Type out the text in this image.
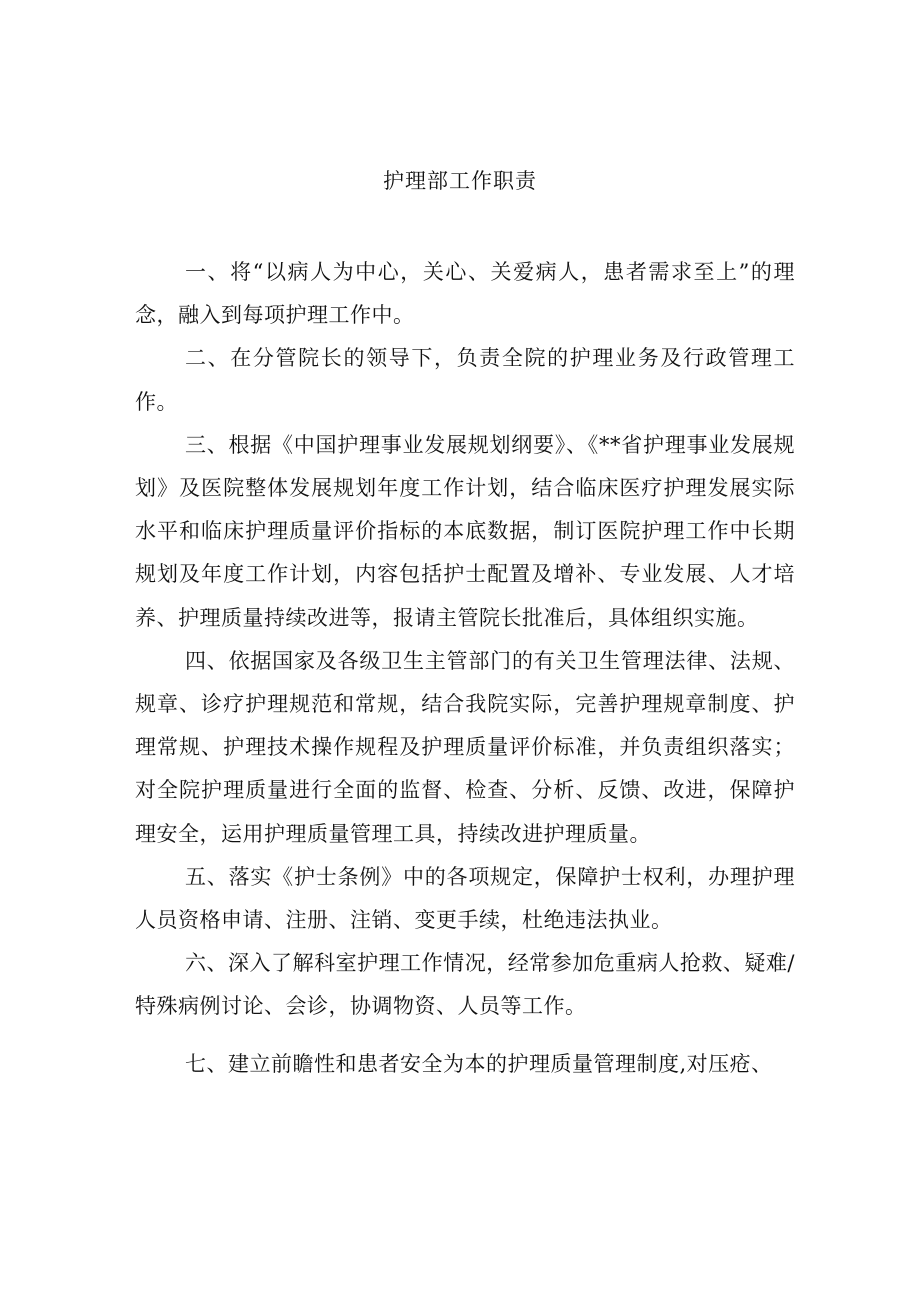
护理部工作职责

一、将“以病人为中心，关心、关爱病人，患者需求至上”的理念，融入到每项护理工作中。

二、在分管院长的领导下，负责全院的护理业务及行政管理工作。

三、根据《中国护理事业发展规划纲要》、《**省护理事业发展规划》及医院整体发展规划年度工作计划，结合临床医疗护理发展实际水平和临床护理质量评价指标的本底数据，制订医院护理工作中长期规划及年度工作计划，内容包括护士配置及增补、专业发展、人才培养、护理质量持续改进等，报请主管院长批准后，具体组织实施。

四、依据国家及各级卫生主管部门的有关卫生管理法律、法规、规章、诊疗护理规范和常规，结合我院实际，完善护理规章制度、护理常规、护理技术操作规程及护理质量评价标准，并负责组织落实；对全院护理质量进行全面的监督、检查、分析、反馈、改进，保障护理安全，运用护理质量管理工具，持续改进护理质量。

五、落实《护士条例》中的各项规定，保障护士权利，办理护理人员资格申请、注册、注销、变更手续，杜绝违法执业。

六、深入了解科室护理工作情况，经常参加危重病人抢救、疑难/特殊病例讨论、会诊，协调物资、人员等工作。

七、建立前瞻性和患者安全为本的护理质量管理制度,对压疮、
